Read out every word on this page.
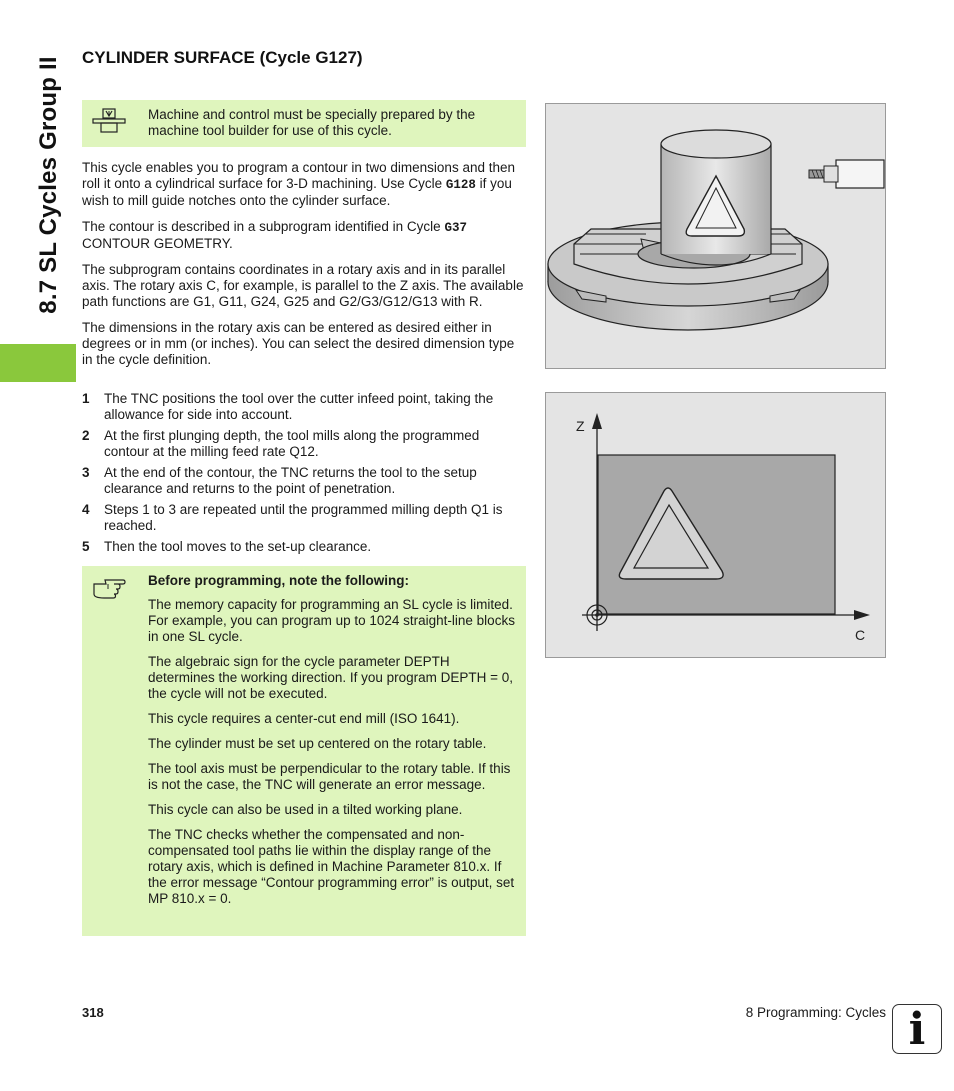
8.7 SL Cycles Group II CYLINDER SURFACE (Cycle G127)
Machine and control must be specially prepared by the machine tool builder for use of this cycle.

This cycle enables you to program a contour in two dimensions and then roll it onto a cylindrical surface for 3-D machining. Use Cycle G128 if you wish to mill guide notches onto the cylinder surface.

The contour is described in a subprogram identified in Cycle G37 CONTOUR GEOMETRY.

The subprogram contains coordinates in a rotary axis and in its parallel axis. The rotary axis C, for example, is parallel to the Z axis. The available path functions are G1, G11, G24, G25 and G2/G3/G12/G13 with R.

The dimensions in the rotary axis can be entered as desired either in degrees or in mm (or inches). You can select the desired dimension type in the cycle definition.

1 The TNC positions the tool over the cutter infeed point, taking the allowance for side into account.
2 At the first plunging depth, the tool mills along the programmed contour at the milling feed rate Q12.
3 At the end of the contour, the TNC returns the tool to the setup clearance and returns to the point of penetration.
4 Steps 1 to 3 are repeated until the programmed milling depth Q1 is reached.
5 Then the tool moves to the set-up clearance.

Before programming, note the following:

The memory capacity for programming an SL cycle is limited. For example, you can program up to 1024 straight-line blocks in one SL cycle.

The algebraic sign for the cycle parameter DEPTH determines the working direction. If you program DEPTH = 0, the cycle will not be executed.

This cycle requires a center-cut end mill (ISO 1641).

The cylinder must be set up centered on the rotary table.

The tool axis must be perpendicular to the rotary table. If this is not the case, the TNC will generate an error message.

This cycle can also be used in a tilted working plane.

The TNC checks whether the compensated and non-compensated tool paths lie within the display range of the rotary axis, which is defined in Machine Parameter 810.x. If the error message “Contour programming error” is output, set MP 810.x = 0.

Z
C
318	8 Programming: Cycles i
